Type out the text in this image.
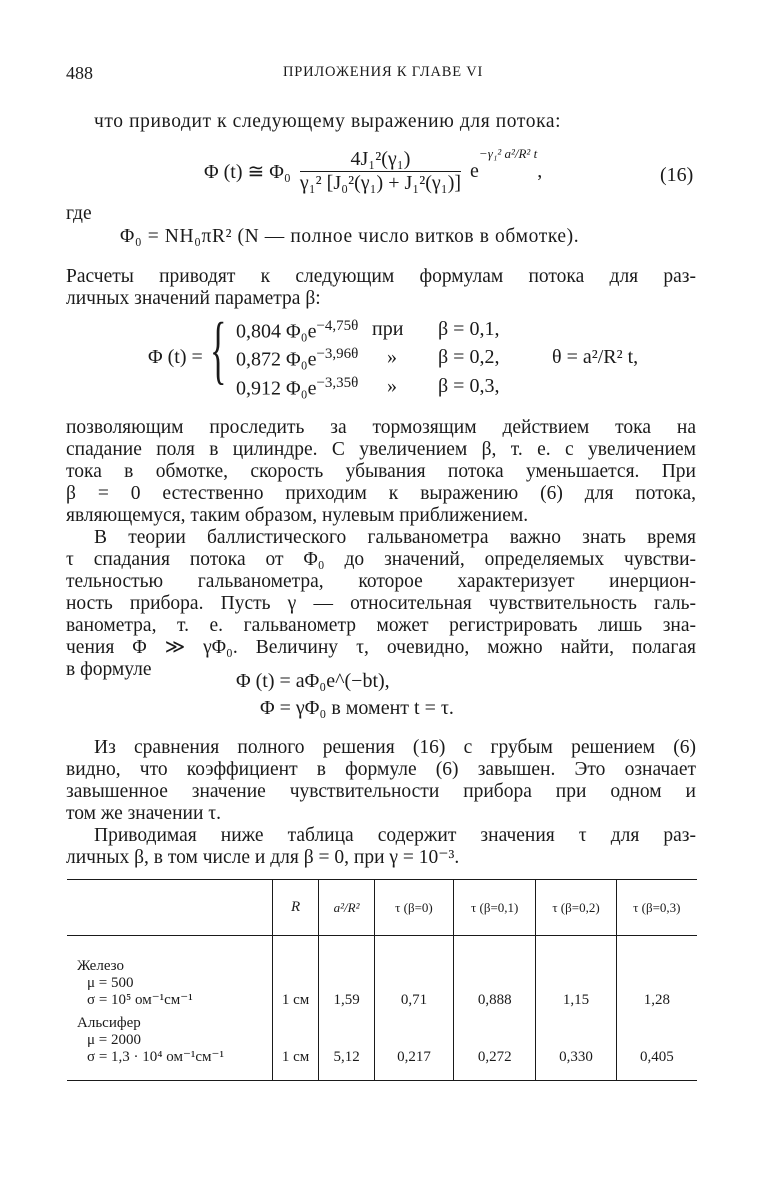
488	ПРИЛОЖЕНИЯ К ГЛАВЕ VI
что приводит к следующему выражению для потока:
Φ (t) ≅ $\Phi_0 \frac{\text{4J₁²(γ₁)}}{\text{γ₁² [J₀²(γ₁) + J₁²(γ₁)]}} e-\gamma_1^2$ a²/R² t,	(16)
где
Φ₀ = NH₀πR² (N — полное число витков в обмотке).
Расчеты приводят к следующим формулам потока для раз-
личных значений параметра β:
Φ (t) = { 0,804 $\Phi_0e^{-4,75\theta}$ при β = 0,1,
0,872 $\Phi_0e^{-3,96\theta}$ » β = 0,2,
0,912 $\Phi_0e^{-3,35\theta}$ » β = 0,3,
θ = a²/R² t,
позволяющим проследить за тормозящим действием тока на
спадание поля в цилиндре. С увеличением β, т. е. с увеличением
тока в обмотке, скорость убывания потока уменьшается. При
β = 0 естественно приходим к выражению (6) для потока,
являющемуся, таким образом, нулевым приближением.
В теории баллистического гальванометра важно знать время
τ спадания потока от Φ₀ до значений, определяемых чувстви-
тельностью гальванометра, которое характеризует инерцион-
ность прибора. Пусть γ — относительная чувствительность галь-
ванометра, т. е. гальванометр может регистрировать лишь зна-
чения Φ ≫ γΦ₀. Величину τ, очевидно, можно найти, полагая
в формуле
Φ (t) = aΦ₀e^(−bt),
Φ = γΦ₀ в момент t = τ.
Из сравнения полного решения (16) с грубым решением (6)
видно, что коэффициент в формуле (6) завышен. Это означает
завышенное значение чувствительности прибора при одном и
том же значении τ.
Приводимая ниже таблица содержит значения τ для раз-
личных β, в том числе и для β = 0, при γ = 10⁻³.
	R	a²/R²	τ (β=0)	τ (β=0,1)	τ (β=0,2)	τ (β=0,3)

Железо
μ = 500
σ = 10⁵ ом⁻¹см⁻¹	1 см	1,59	0,71	0,888	1,15	1,28

Альсифер
μ = 2000
σ = 1,3 · 10⁴ ом⁻¹см⁻¹	1 см	5,12	0,217	0,272	0,330	0,405
